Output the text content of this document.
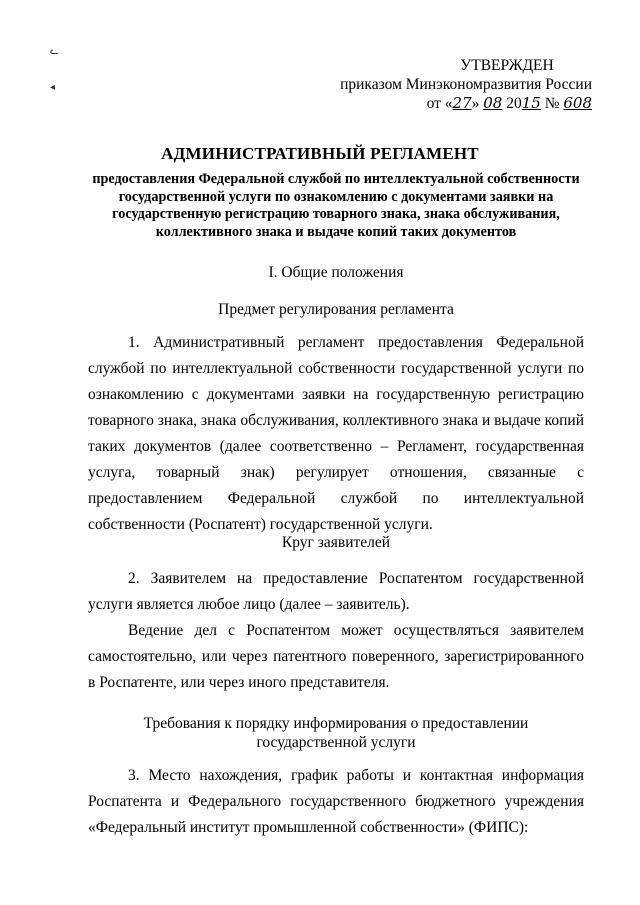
ᓚ
◂
УТВЕРЖДЕН
приказом Минэкономразвития России
от «27» 08 2015 № 608
АДМИНИСТРАТИВНЫЙ РЕГЛАМЕНТ
предоставления Федеральной службой по интеллектуальной собственности государственной услуги по ознакомлению с документами заявки на государственную регистрацию товарного знака, знака обслуживания, коллективного знака и выдаче копий таких документов
I. Общие положения
Предмет регулирования регламента
1. Административный регламент предоставления Федеральной службой по интеллектуальной собственности государственной услуги по ознакомлению с документами заявки на государственную регистрацию товарного знака, знака обслуживания, коллективного знака и выдаче копий таких документов (далее соответственно – Регламент, государственная услуга, товарный знак) регулирует отношения, связанные с предоставлением Федеральной службой по интеллектуальной собственности (Роспатент) государственной услуги.
Круг заявителей
2. Заявителем на предоставление Роспатентом государственной услуги является любое лицо (далее – заявитель).
Ведение дел с Роспатентом может осуществляться заявителем самостоятельно, или через патентного поверенного, зарегистрированного в Роспатенте, или через иного представителя.
Требования к порядку информирования о предоставлении государственной услуги
3. Место нахождения, график работы и контактная информация Роспатента и Федерального государственного бюджетного учреждения «Федеральный институт промышленной собственности» (ФИПС):
